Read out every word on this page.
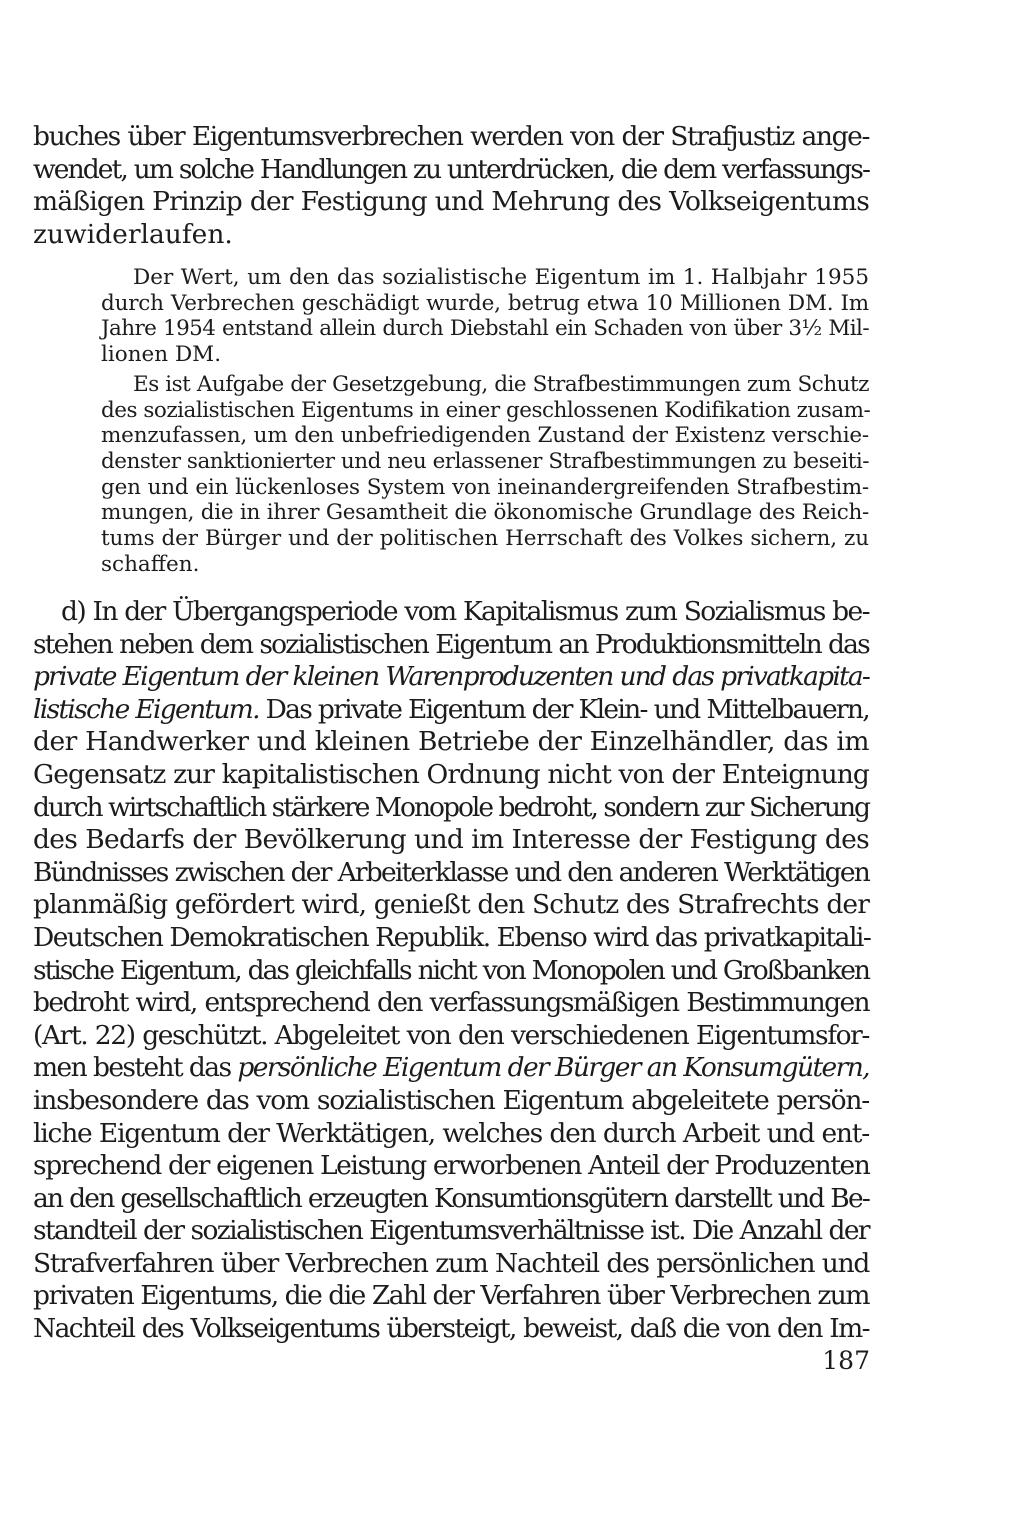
buches über Eigentumsverbrechen werden von der Strafjustiz ange-
wendet, um solche Handlungen zu unterdrücken, die dem verfassungs-
mäßigen Prinzip der Festigung und Mehrung des Volkseigentums
zuwiderlaufen.
Der Wert, um den das sozialistische Eigentum im 1. Halbjahr 1955
durch Verbrechen geschädigt wurde, betrug etwa 10 Millionen DM. Im
Jahre 1954 entstand allein durch Diebstahl ein Schaden von über 3½ Mil-
lionen DM.
Es ist Aufgabe der Gesetzgebung, die Strafbestimmungen zum Schutz
des sozialistischen Eigentums in einer geschlossenen Kodifikation zusam-
menzufassen, um den unbefriedigenden Zustand der Existenz verschie-
denster sanktionierter und neu erlassener Strafbestimmungen zu beseiti-
gen und ein lückenloses System von ineinandergreifenden Strafbestim-
mungen, die in ihrer Gesamtheit die ökonomische Grundlage des Reich-
tums der Bürger und der politischen Herrschaft des Volkes sichern, zu
schaffen.
d) In der Übergangsperiode vom Kapitalismus zum Sozialismus be-
stehen neben dem sozialistischen Eigentum an Produktionsmitteln das
private Eigentum der kleinen Warenproduzenten und das privatkapita-
listische Eigentum. Das private Eigentum der Klein- und Mittelbauern,
der Handwerker und kleinen Betriebe der Einzelhändler, das im
Gegensatz zur kapitalistischen Ordnung nicht von der Enteignung
durch wirtschaftlich stärkere Monopole bedroht, sondern zur Sicherung
des Bedarfs der Bevölkerung und im Interesse der Festigung des
Bündnisses zwischen der Arbeiterklasse und den anderen Werktätigen
planmäßig gefördert wird, genießt den Schutz des Strafrechts der
Deutschen Demokratischen Republik. Ebenso wird das privatkapitali-
stische Eigentum, das gleichfalls nicht von Monopolen und Großbanken
bedroht wird, entsprechend den verfassungsmäßigen Bestimmungen
(Art. 22) geschützt. Abgeleitet von den verschiedenen Eigentumsfor-
men besteht das persönliche Eigentum der Bürger an Konsumgütern,
insbesondere das vom sozialistischen Eigentum abgeleitete persön-
liche Eigentum der Werktätigen, welches den durch Arbeit und ent-
sprechend der eigenen Leistung erworbenen Anteil der Produzenten
an den gesellschaftlich erzeugten Konsumtionsgütern darstellt und Be-
standteil der sozialistischen Eigentumsverhältnisse ist. Die Anzahl der
Strafverfahren über Verbrechen zum Nachteil des persönlichen und
privaten Eigentums, die die Zahl der Verfahren über Verbrechen zum
Nachteil des Volkseigentums übersteigt, beweist, daß die von den Im-
187
